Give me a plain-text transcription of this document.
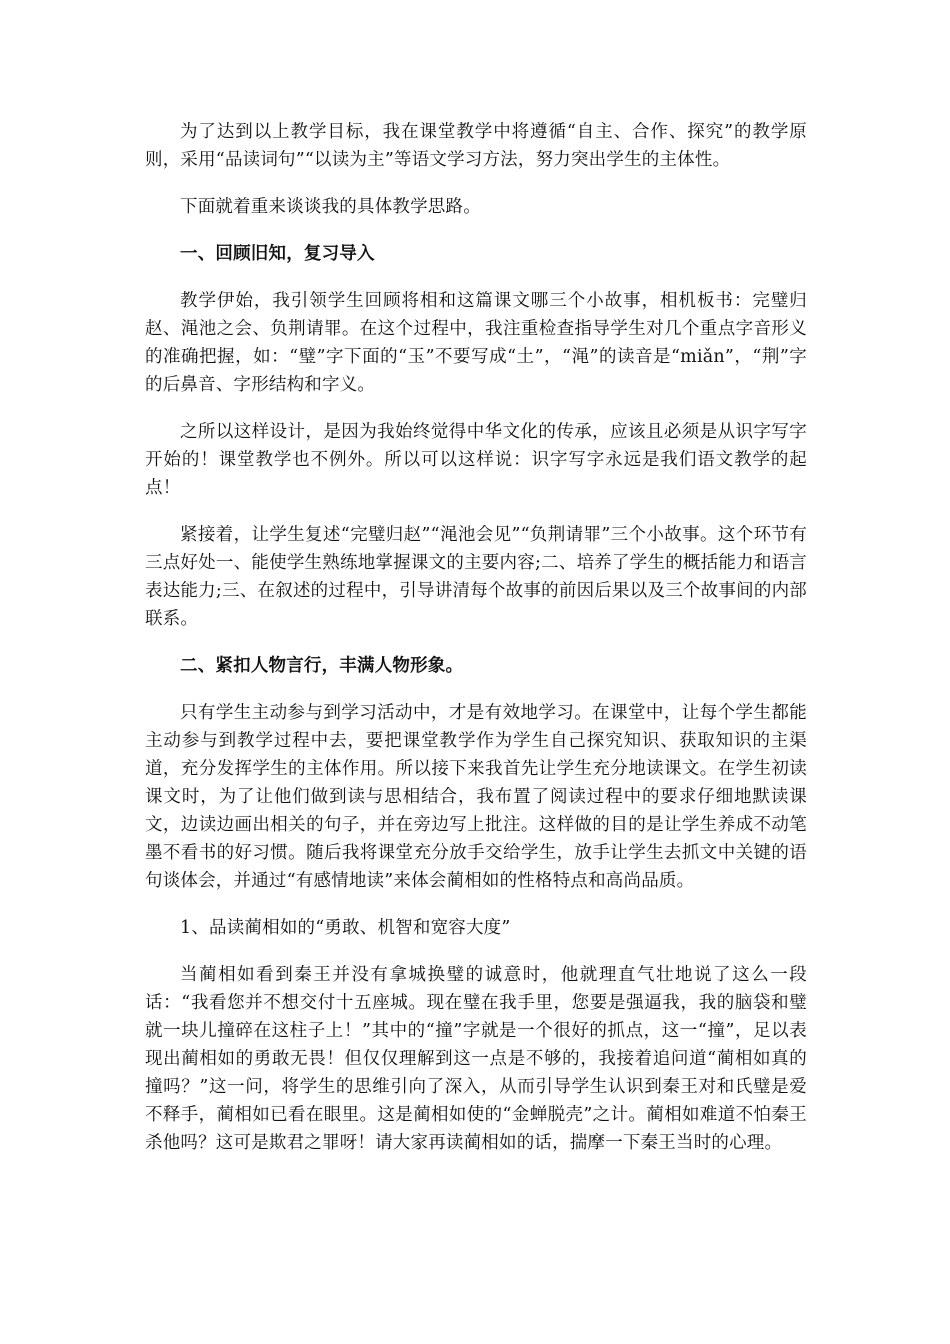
为了达到以上教学目标，我在课堂教学中将遵循“自主、合作、探究”的教学原则，采用“品读词句”“以读为主”等语文学习方法，努力突出学生的主体性。

下面就着重来谈谈我的具体教学思路。

一、回顾旧知，复习导入

教学伊始，我引领学生回顾将相和这篇课文哪三个小故事，相机板书：完璧归赵、渑池之会、负荆请罪。在这个过程中，我注重检查指导学生对几个重点字音形义的准确把握，如：“璧”字下面的“玉”不要写成“土”，“渑”的读音是“miǎn”，“荆”字的后鼻音、字形结构和字义。

之所以这样设计，是因为我始终觉得中华文化的传承，应该且必须是从识字写字开始的！课堂教学也不例外。所以可以这样说：识字写字永远是我们语文教学的起点！

紧接着，让学生复述“完璧归赵”“渑池会见”“负荆请罪”三个小故事。这个环节有三点好处一、能使学生熟练地掌握课文的主要内容;二、培养了学生的概括能力和语言表达能力;三、在叙述的过程中，引导讲清每个故事的前因后果以及三个故事间的内部联系。

二、紧扣人物言行，丰满人物形象。

只有学生主动参与到学习活动中，才是有效地学习。在课堂中，让每个学生都能主动参与到教学过程中去，要把课堂教学作为学生自己探究知识、获取知识的主渠道，充分发挥学生的主体作用。所以接下来我首先让学生充分地读课文。在学生初读课文时，为了让他们做到读与思相结合，我布置了阅读过程中的要求仔细地默读课文，边读边画出相关的句子，并在旁边写上批注。这样做的目的是让学生养成不动笔墨不看书的好习惯。随后我将课堂充分放手交给学生，放手让学生去抓文中关键的语句谈体会，并通过“有感情地读”来体会蔺相如的性格特点和高尚品质。

1、品读蔺相如的“勇敢、机智和宽容大度”

当蔺相如看到秦王并没有拿城换璧的诚意时，他就理直气壮地说了这么一段话：“我看您并不想交付十五座城。现在璧在我手里，您要是强逼我，我的脑袋和璧就一块儿撞碎在这柱子上！”其中的“撞”字就是一个很好的抓点，这一“撞”，足以表现出蔺相如的勇敢无畏！但仅仅理解到这一点是不够的，我接着追问道“蔺相如真的撞吗？”这一问，将学生的思维引向了深入，从而引导学生认识到秦王对和氏璧是爱不释手，蔺相如已看在眼里。这是蔺相如使的“金蝉脱壳”之计。蔺相如难道不怕秦王杀他吗？这可是欺君之罪呀！请大家再读蔺相如的话，揣摩一下秦王当时的心理。
